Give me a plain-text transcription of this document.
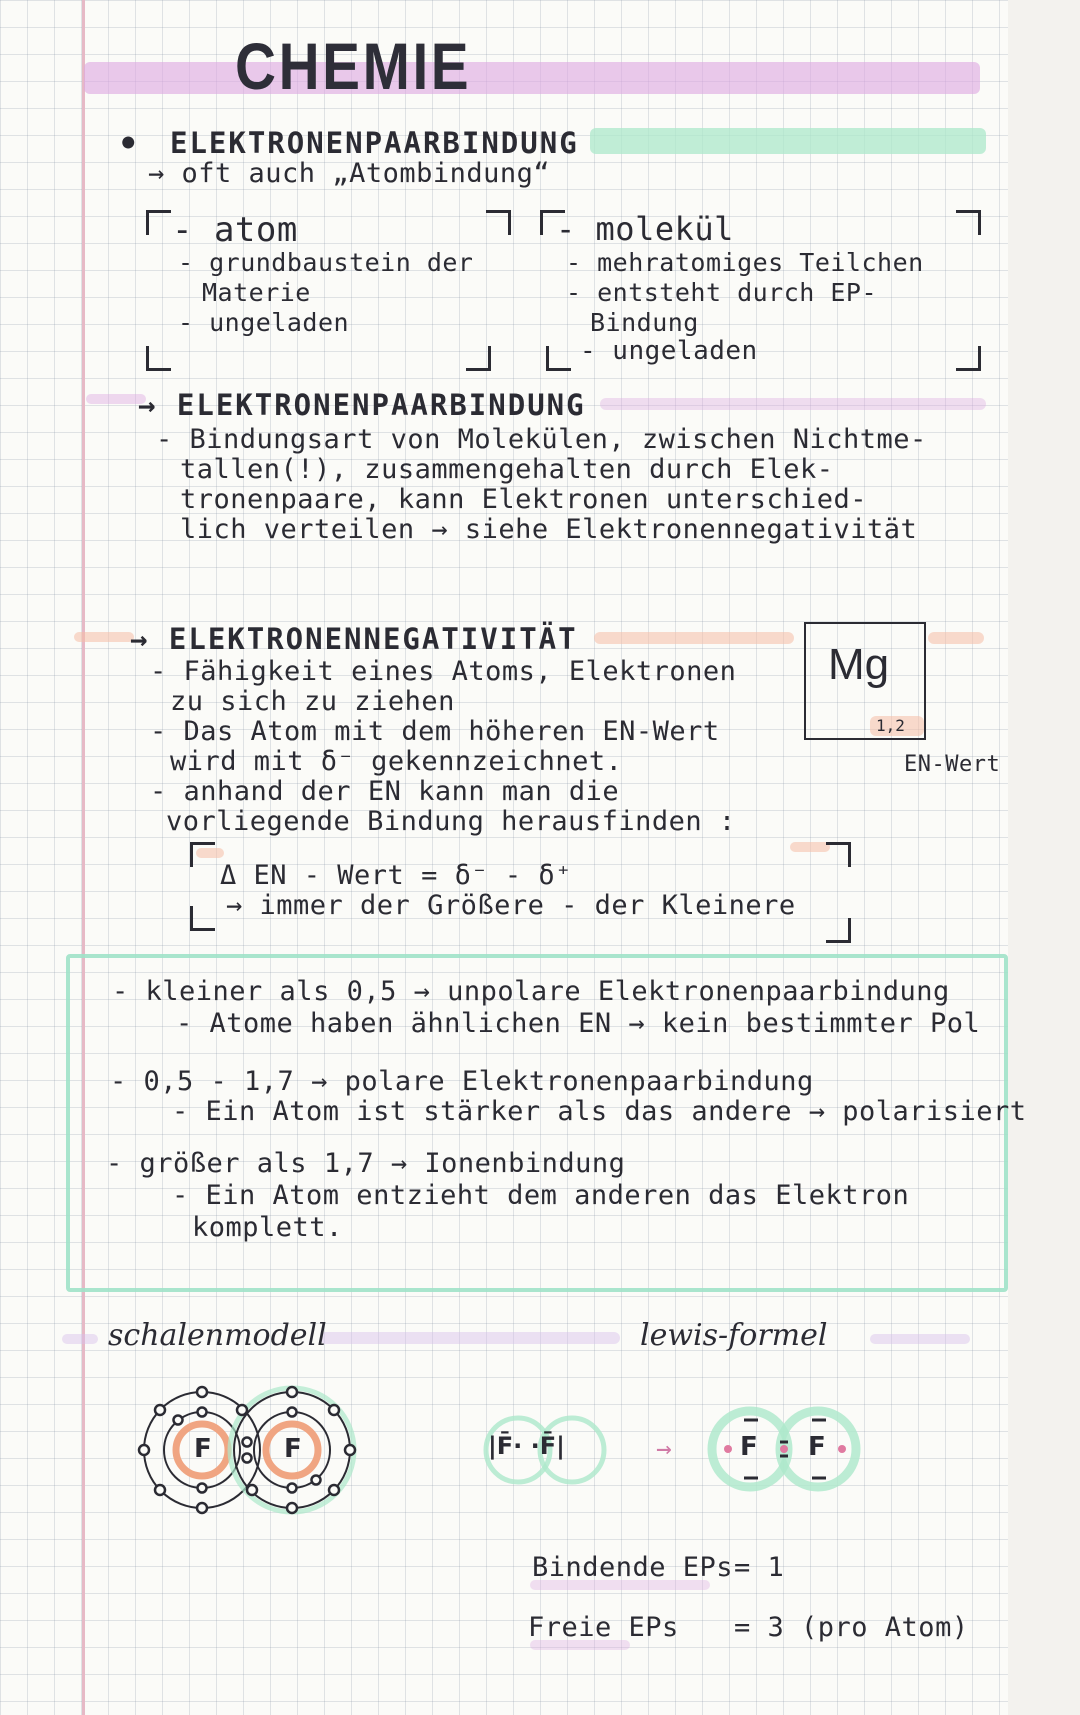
CHEMIE
• ELEKTRONENPAARBINDUNG
→ oft auch „Atombindung“
- atom
- grundbaustein der
Materie
- ungeladen
- molekül
- mehratomiges Teilchen
- entsteht durch EP-
Bindung
- ungeladen
→ ELEKTRONENPAARBINDUNG
- Bindungsart von Molekülen, zwischen Nichtme-
tallen(!), zusammengehalten durch Elek-
tronenpaare, kann Elektronen unterschied-
lich verteilen → siehe Elektronennegativität
→ ELEKTRONENNEGATIVITÄT
- Fähigkeit eines Atoms, Elektronen
zu sich zu ziehen
- Das Atom mit dem höheren EN-Wert
wird mit δ⁻ gekennzeichnet.
- anhand der EN kann man die
vorliegende Bindung herausfinden :
Mg
1,2
EN-Wert
Δ EN - Wert = δ⁻ - δ⁺
→ immer der Größere - der Kleinere
- kleiner als 0,5 → unpolare Elektronenpaarbindung
- Atome haben ähnlichen EN → kein bestimmter Pol
- 0,5 - 1,7 → polare Elektronenpaarbindung
- Ein Atom ist stärker als das andere → polarisiert
- größer als 1,7 → Ionenbindung
- Ein Atom entzieht dem anderen das Elektron
komplett.
schalenmodell	lewis-formel
F	F	|F̄· ·F̄|	→	F F
Bindende EPs = 1
Freie EPs = 3 (pro Atom)
